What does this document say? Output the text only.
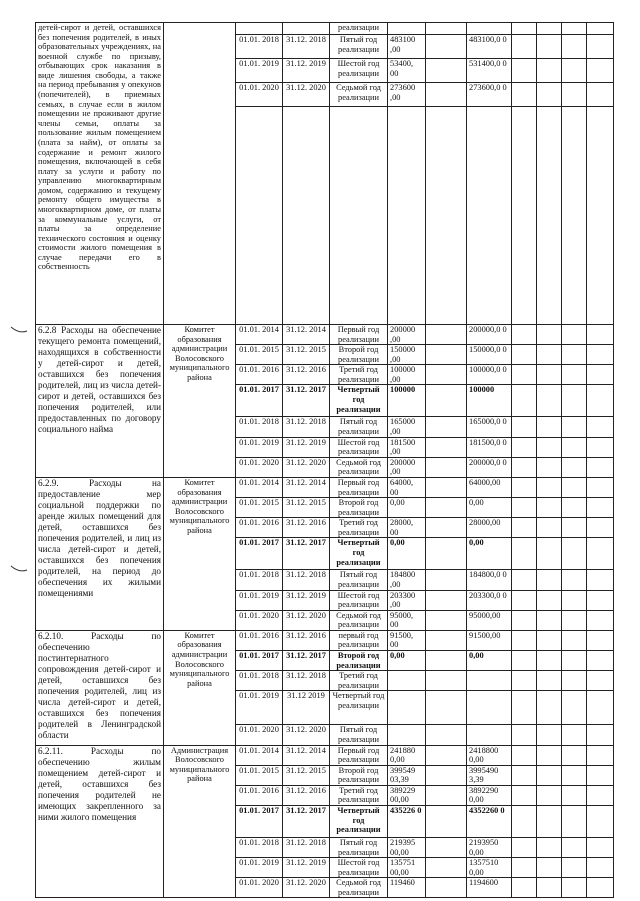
детей-сирот и детей, оставшихся без попечения родителей, в иных образовательных учреждениях, на военной службе по призыву, отбывающих срок наказания в виде лишения свободы, а также на период пребывания у опекунов (попечителей), в приемных семьях, в случае если в жилом помещении не проживают другие члены семьи, оплаты за пользование жилым помещением (плата за найм), от оплаты за содержание и ремонт жилого помещения, включающей в себя плату за услуги и работу по управлению многоквартирным домом, содержанию и текущему ремонту общего имущества в многоквартирном доме, от платы за коммунальные услуги, от платы за определение технического состояния и оценку стоимости жилого помещения в случае передачи его в собственность				реализации							
		01.01. 2018	31.12. 2018	Пятый год реализации	483100 ,00		483100,0 0				
		01.01. 2019	31.12. 2019	Шестой год реализации	53400, 00		531400,0 0				
		01.01. 2020	31.12. 2020	Седьмой год реализации	273600 ,00		273600,0 0				

6.2.8 Расходы на обеспечение текущего ремонта помещений, находящихся в собственности у детей-сирот и детей, оставшихся без попечения родителей, лиц из числа детей-сирот и детей, оставшихся без попечения родителей, или предоставленных по договору социального найма	Комитет образования администрации Волосовского муниципального района	01.01. 2014	31.12. 2014	Первый год реализации	200000 ,00		200000,0 0				
		01.01. 2015	31.12. 2015	Второй год реализации	150000 ,00		150000,0 0				
		01.01. 2016	31.12. 2016	Третий год реализации	100000 ,00		100000,0 0				
		01.01. 2017	31.12. 2017	Четвертый год реализации	100000		100000				
		01.01. 2018	31.12. 2018	Пятый год реализации	165000 ,00		165000,0 0				
		01.01. 2019	31.12. 2019	Шестой год реализации	181500 ,00		181500,0 0				
		01.01. 2020	31.12. 2020	Седьмой год реализации	200000 ,00		200000,0 0				
6.2.9. Расходы на предоставление мер социальной поддержки по аренде жилых помещений для детей, оставшихся без попечения родителей, и лиц из числа детей-сирот и детей, оставшихся без попечения родителей, на период до обеспечения их жилыми помещениями	Комитет образования администрации Волосовского муниципального района	01.01. 2014	31.12. 2014	Первый год реализации	64000, 00		64000,00				
		01.01. 2015	31.12. 2015	Второй год реализации	0,00		0,00				
		01.01. 2016	31.12. 2016	Третий год реализации	28000, 00		28000,00				
		01.01. 2017	31.12. 2017	Четвертый год реализации	0,00		0,00				
		01.01. 2018	31.12. 2018	Пятый год реализации	184800 ,00		184800,0 0				
		01.01. 2019	31.12. 2019	Шестой год реализации	203300 ,00		203300,0 0				
		01.01. 2020	31.12. 2020	Седьмой год реализации	95000, 00		95000,00				
6.2.10. Расходы по обеспечению постинтернатного сопровождения детей-сирот и детей, оставшихся без попечения родителей, лиц из числа детей-сирот и детей, оставшихся без попечения родителей в Ленинградской области	Комитет образования администрации Волосовского муниципального района	01.01. 2016	31.12. 2016	первый год реализации	91500, 00		91500,00				
		01.01. 2017	31.12. 2017	Второй год реализации	0,00		0,00				
		01.01. 2018	31.12. 2018	Третий год реализации							
		01.01. 2019	31.12 2019	Четвертый год реализации							
		01.01. 2020	31.12. 2020	Пятый год реализации							
6.2.11. Расходы по обеспечению жилым помещением детей-сирот и детей, оставшихся без попечения родителей не имеющих закрепленного за ними жилого помещения	Администрация Волосовского муниципального района	01.01. 2014	31.12. 2014	Первый год реализации	241880 0,00		2418800 0,00				
		01.01. 2015	31.12. 2015	Второй год реализации	399549 03,39		3995490 3,39				
		01.01. 2016	31.12. 2016	Третий год реализации	389229 00,00		3892290 0,00				
		01.01. 2017	31.12. 2017	Четвертый год реализации	435226 0		4352260 0				
		01.01. 2018	31.12. 2018	Пятый год реализации	219395 00,00		2193950 0,00				
		01.01. 2019	31.12. 2019	Шестой год реализации	135751 00,00		1357510 0,00				
		01.01. 2020	31.12. 2020	Седьмой год реализации	119460		1194600				
